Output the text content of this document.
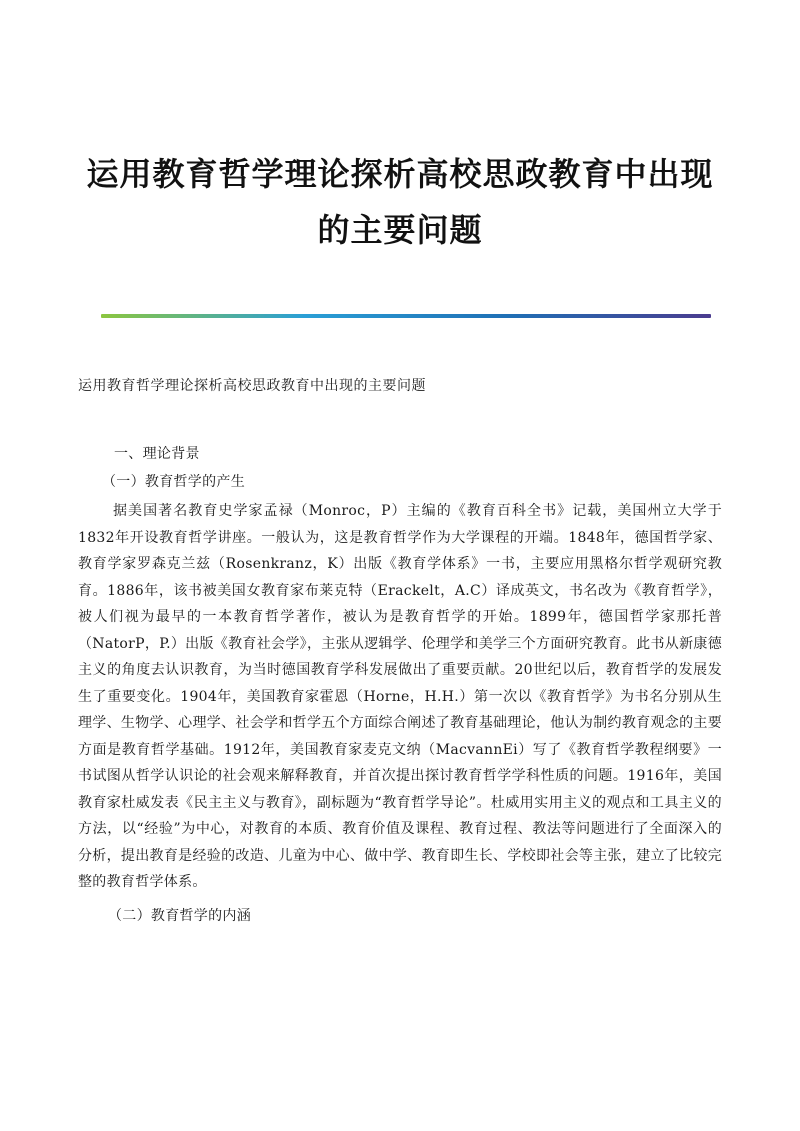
运用教育哲学理论探析高校思政教育中出现
的主要问题
运用教育哲学理论探析高校思政教育中出现的主要问题
一、理论背景
（一）教育哲学的产生

据美国著名教育史学家孟禄（Monroc，P）主编的《教育百科全书》记载，美国州立大学于1832年开设教育哲学讲座。一般认为，这是教育哲学作为大学课程的开端。1848年，德国哲学家、教育学家罗森克兰兹（Rosenkranz，K）出版《教育学体系》一书，主要应用黑格尔哲学观研究教育。1886年，该书被美国女教育家布莱克特（Erackelt，A.C）译成英文，书名改为《教育哲学》，被人们视为最早的一本教育哲学著作，被认为是教育哲学的开始。1899年，德国哲学家那托普（NatorP，P.）出版《教育社会学》，主张从逻辑学、伦理学和美学三个方面研究教育。此书从新康德主义的角度去认识教育，为当时德国教育学科发展做出了重要贡献。20世纪以后，教育哲学的发展发生了重要变化。1904年，美国教育家霍恩（Horne，H.H.）第一次以《教育哲学》为书名分别从生理学、生物学、心理学、社会学和哲学五个方面综合阐述了教育基础理论，他认为制约教育观念的主要方面是教育哲学基础。1912年，美国教育家麦克文纳（MacvannEi）写了《教育哲学教程纲要》一书试图从哲学认识论的社会观来解释教育，并首次提出探讨教育哲学学科性质的问题。1916年，美国教育家杜威发表《民主主义与教育》，副标题为“教育哲学导论”。杜威用实用主义的观点和工具主义的方法，以“经验”为中心，对教育的本质、教育价值及课程、教育过程、教法等问题进行了全面深入的分析，提出教育是经验的改造、儿童为中心、做中学、教育即生长、学校即社会等主张，建立了比较完整的教育哲学体系。

（二）教育哲学的内涵
